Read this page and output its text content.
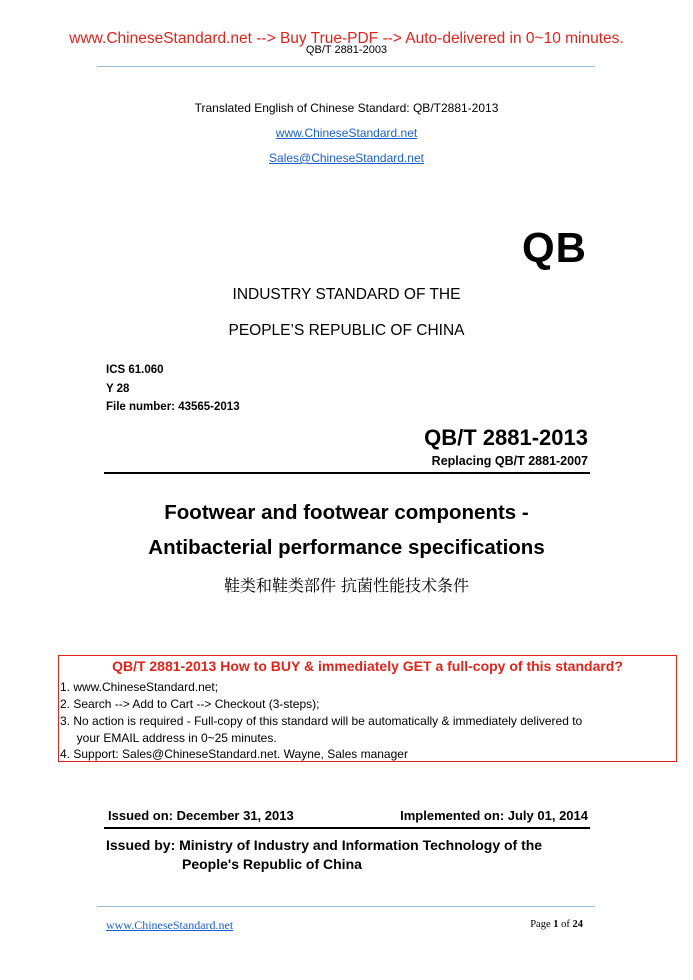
www.ChineseStandard.net --> Buy True-PDF --> Auto-delivered in 0~10 minutes.
QB/T 2881-2003
Translated English of Chinese Standard: QB/T2881-2013
www.ChineseStandard.net
Sales@ChineseStandard.net
QB
INDUSTRY STANDARD OF THE
PEOPLE’S REPUBLIC OF CHINA
ICS 61.060
Y 28
File number: 43565-2013
QB/T 2881-2013
Replacing QB/T 2881-2007
Footwear and footwear components -
Antibacterial performance specifications
鞋类和鞋类部件 抗菌性能技术条件
QB/T 2881-2013 How to BUY & immediately GET a full-copy of this standard?
1. www.ChineseStandard.net;
2. Search --> Add to Cart --> Checkout (3-steps);
3. No action is required - Full-copy of this standard will be automatically & immediately delivered to
your EMAIL address in 0~25 minutes.
4. Support: Sales@ChineseStandard.net. Wayne, Sales manager
Issued on: December 31, 2013	Implemented on: July 01, 2014
Issued by: Ministry of Industry and Information Technology of the
People's Republic of China
www.ChineseStandard.net	Page 1 of 24
